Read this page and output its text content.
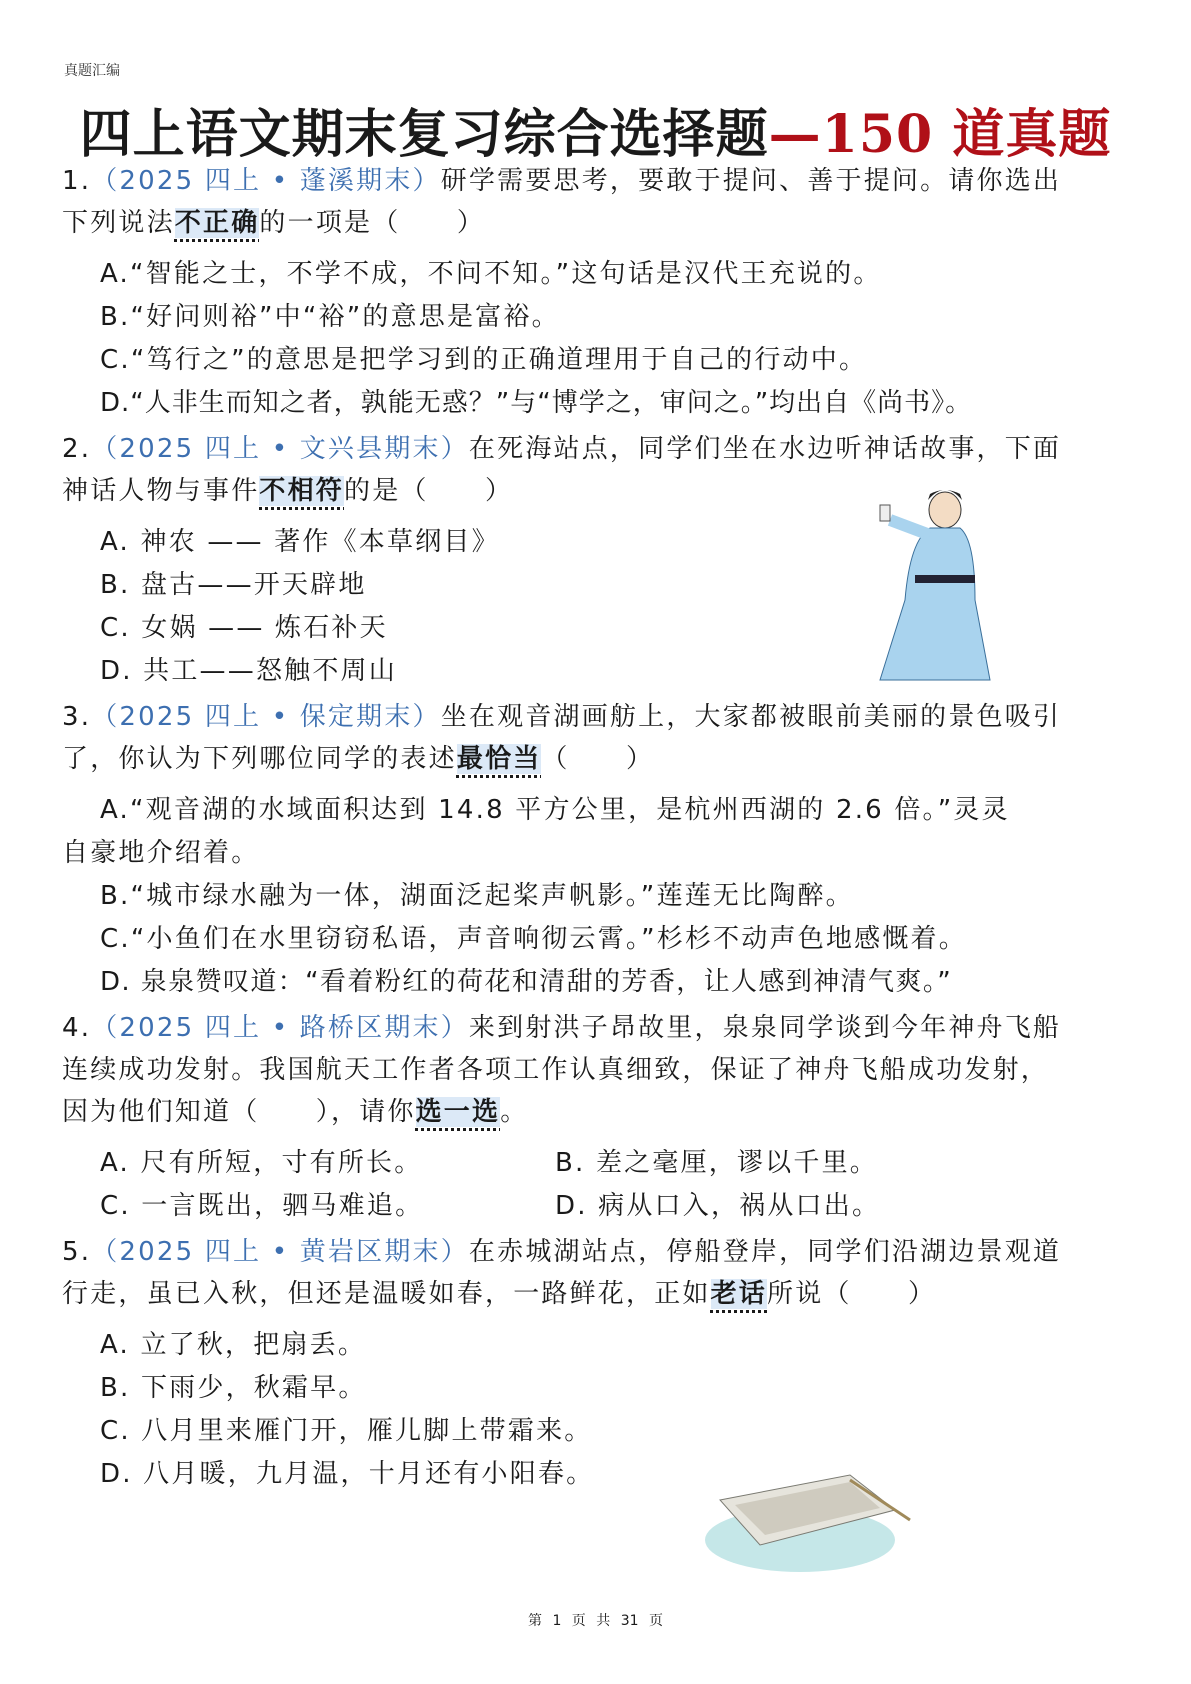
真题汇编
四上语文期末复习综合选择题—150 道真题
1.（2025 四上 • 蓬溪期末）研学需要思考，要敢于提问、善于提问。请你选出下列说法不正确的一项是（　　）
A.“智能之士，不学不成，不问不知。”这句话是汉代王充说的。
B.“好问则裕”中“裕”的意思是富裕。
C.“笃行之”的意思是把学习到的正确道理用于自己的行动中。
D.“人非生而知之者，孰能无惑？”与“博学之，审问之。”均出自《尚书》。
2.（2025 四上 • 文兴县期末）在死海站点，同学们坐在水边听神话故事，下面神话人物与事件不相符的是（　　）
A. 神农 —— 著作《本草纲目》
B. 盘古——开天辟地
C. 女娲 —— 炼石补天
D. 共工——怒触不周山
3.（2025 四上 • 保定期末）坐在观音湖画舫上，大家都被眼前美丽的景色吸引了，你认为下列哪位同学的表述最恰当（　　）
A.“观音湖的水域面积达到 14.8 平方公里，是杭州西湖的 2.6 倍。”灵灵
自豪地介绍着。
B.“城市绿水融为一体，湖面泛起桨声帆影。”莲莲无比陶醉。
C.“小鱼们在水里窃窃私语，声音响彻云霄。”杉杉不动声色地感慨着。
D. 泉泉赞叹道：“看着粉红的荷花和清甜的芳香，让人感到神清气爽。”
4.（2025 四上 • 路桥区期末）来到射洪子昂故里，泉泉同学谈到今年神舟飞船连续成功发射。我国航天工作者各项工作认真细致，保证了神舟飞船成功发射，因为他们知道（　　），请你选一选。
A. 尺有所短，寸有所长。	B. 差之毫厘，谬以千里。
C. 一言既出，驷马难追。	D. 病从口入，祸从口出。
5.（2025 四上 • 黄岩区期末）在赤城湖站点，停船登岸，同学们沿湖边景观道行走，虽已入秋，但还是温暖如春，一路鲜花，正如老话所说（　　）
A. 立了秋，把扇丢。
B. 下雨少，秋霜早。
C. 八月里来雁门开，雁儿脚上带霜来。
D. 八月暖，九月温，十月还有小阳春。
第 1 页 共 31 页
